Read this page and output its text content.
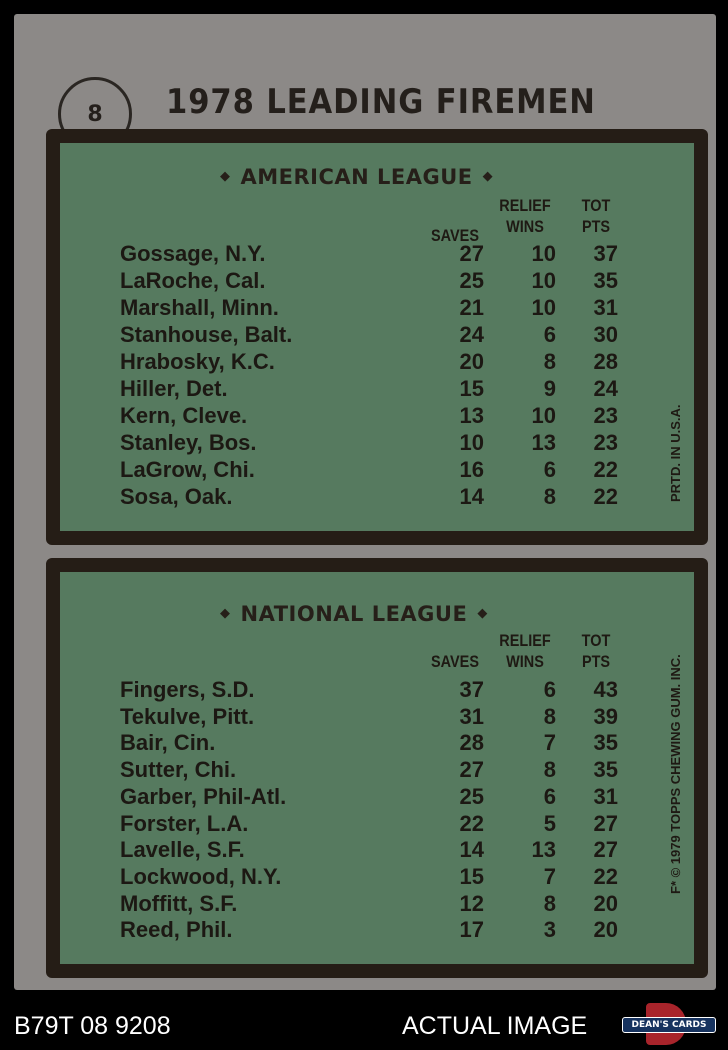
8	1978 LEADING FIREMEN
◆ AMERICAN LEAGUE ◆

SAVES
RELIEF
WINS
TOT
PTS
Gossage, N.Y.	27	10	37
LaRoche, Cal.	25	10	35
Marshall, Minn.	21	10	31
Stanhouse, Balt.	24	6	30
Hrabosky, K.C.	20	8	28
Hiller, Det.	15	9	24
Kern, Cleve.	13	10	23
Stanley, Bos.	10	13	23
LaGrow, Chi.	16	6	22
Sosa, Oak.	14	8	22
◆ NATIONAL LEAGUE ◆

SAVES
RELIEF
WINS
TOT
PTS
Fingers, S.D.	37	6	43
Tekulve, Pitt.	31	8	39
Bair, Cin.	28	7	35
Sutter, Chi.	27	8	35
Garber, Phil-Atl.	25	6	31
Forster, L.A.	22	5	27
Lavelle, S.F.	14	13	27
Lockwood, N.Y.	15	7	22
Moffitt, S.F.	12	8	20
Reed, Phil.	17	3	20
PRTD. IN U.S.A.
F* © 1979 TOPPS CHEWING GUM. INC.
B79T 08 9208	ACTUAL IMAGE	DEAN'S CARDS
